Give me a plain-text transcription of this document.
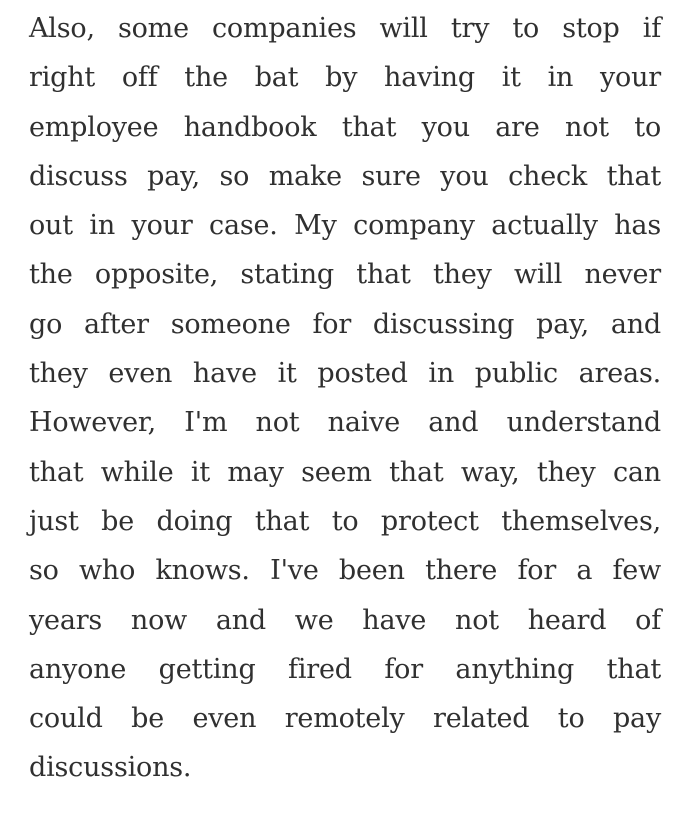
Also, some companies will try to stop if
right off the bat by having it in your
employee handbook that you are not to
discuss pay, so make sure you check that
out in your case. My company actually has
the opposite, stating that they will never
go after someone for discussing pay, and
they even have it posted in public areas.
However, I'm not naive and understand
that while it may seem that way, they can
just be doing that to protect themselves,
so who knows. I've been there for a few
years now and we have not heard of
anyone getting fired for anything that
could be even remotely related to pay
discussions.
